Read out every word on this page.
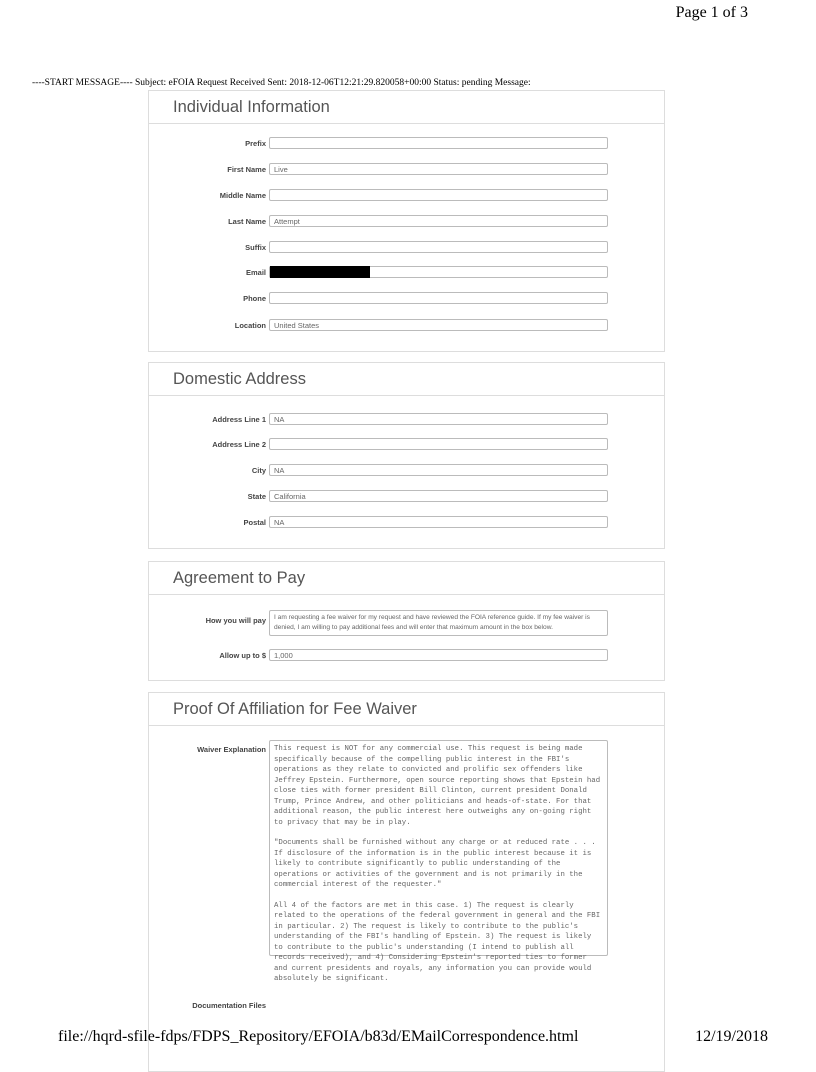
Page 1 of 3
----START MESSAGE---- Subject: eFOIA Request Received Sent: 2018-12-06T12:21:29.820058+00:00 Status: pending Message:
Individual Information
Prefix
First Name	Live
Middle Name
Last Name	Attempt
Suffix
Email
Phone
Location	United States
Domestic Address
Address Line 1	NA
Address Line 2
City	NA
State	California
Postal	NA
Agreement to Pay
How you will pay	I am requesting a fee waiver for my request and have reviewed the FOIA reference guide. If my fee waiver is denied, I am willing to pay additional fees and will enter that maximum amount in the box below.
Allow up to $	1,000
Proof Of Affiliation for Fee Waiver
Waiver Explanation This request is NOT for any commercial use. This request is being made specifically because of the compelling public interest in the FBI's operations as they relate to convicted and prolific sex offenders like Jeffrey Epstein. Furthermore, open source reporting shows that Epstein had close ties with former president Bill Clinton, current president Donald Trump, Prince Andrew, and other politicians and heads-of-state. For that additional reason, the public interest here outweighs any on-going right to privacy that may be in play.

"Documents shall be furnished without any charge or at reduced rate . . . If disclosure of the information is in the public interest because it is likely to contribute significantly to public understanding of the operations or activities of the government and is not primarily in the commercial interest of the requester."

All 4 of the factors are met in this case. 1) The request is clearly related to the operations of the federal government in general and the FBI in particular. 2) The request is likely to contribute to the public's understanding of the FBI's handling of Epstein. 3) The request is likely to contribute to the public's understanding (I intend to publish all records received), and 4) Considering Epstein's reported ties to former and current presidents and royals, any information you can provide would absolutely be significant.

Documentation Files
file://hqrd-sfile-fdps/FDPS_Repository/EFOIA/b83d/EMailCorrespondence.html	12/19/2018
